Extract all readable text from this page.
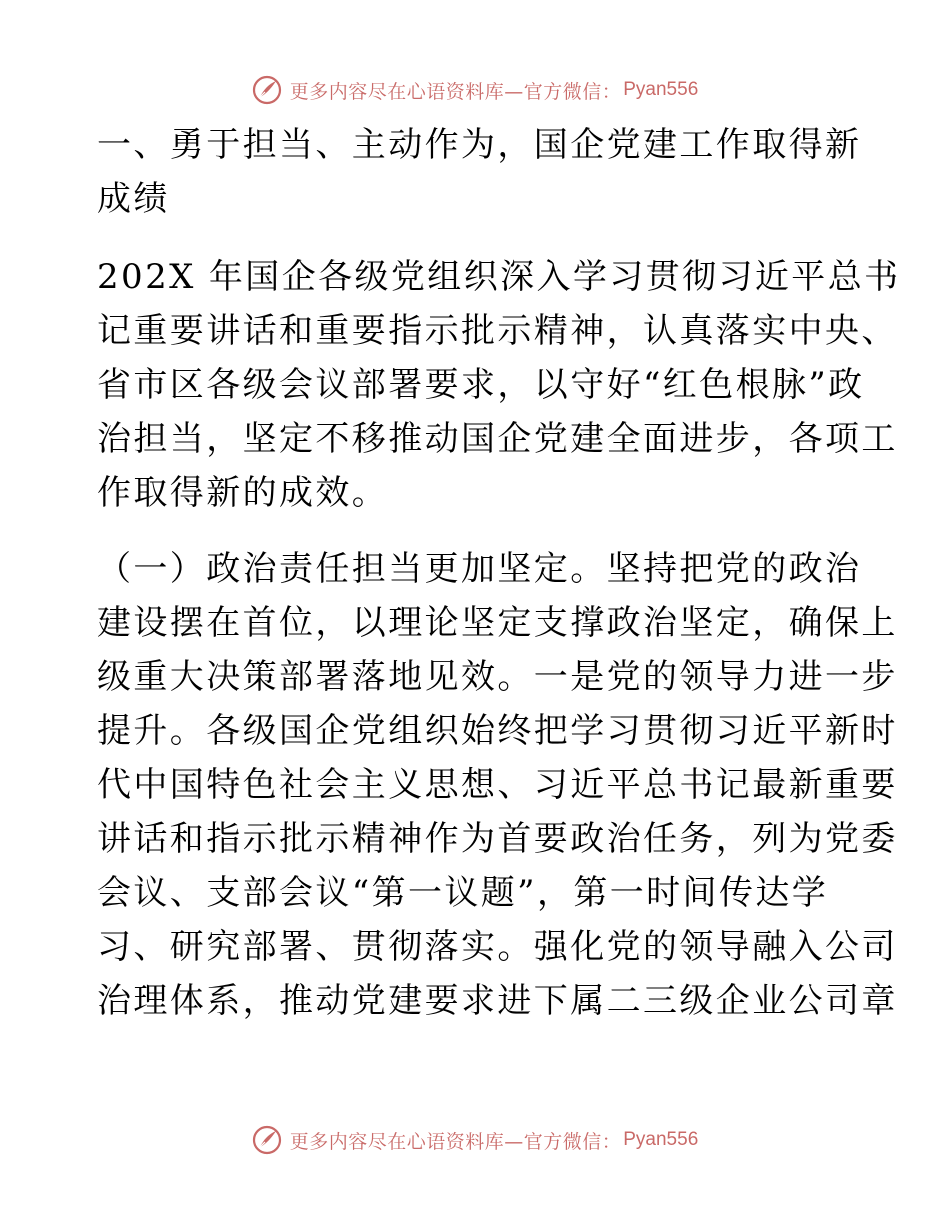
更多内容尽在心语资料库—官方微信： Pyan556
一、勇于担当、主动作为，国企党建工作取得新
成绩
202X 年国企各级党组织深入学习贯彻习近平总书
记重要讲话和重要指示批示精神，认真落实中央、
省市区各级会议部署要求，以守好“红色根脉”政
治担当，坚定不移推动国企党建全面进步，各项工
作取得新的成效。
（一）政治责任担当更加坚定。坚持把党的政治
建设摆在首位，以理论坚定支撑政治坚定，确保上
级重大决策部署落地见效。一是党的领导力进一步
提升。各级国企党组织始终把学习贯彻习近平新时
代中国特色社会主义思想、习近平总书记最新重要
讲话和指示批示精神作为首要政治任务，列为党委
会议、支部会议“第一议题”，第一时间传达学
习、研究部署、贯彻落实。强化党的领导融入公司
治理体系，推动党建要求进下属二三级企业公司章
更多内容尽在心语资料库—官方微信： Pyan556
